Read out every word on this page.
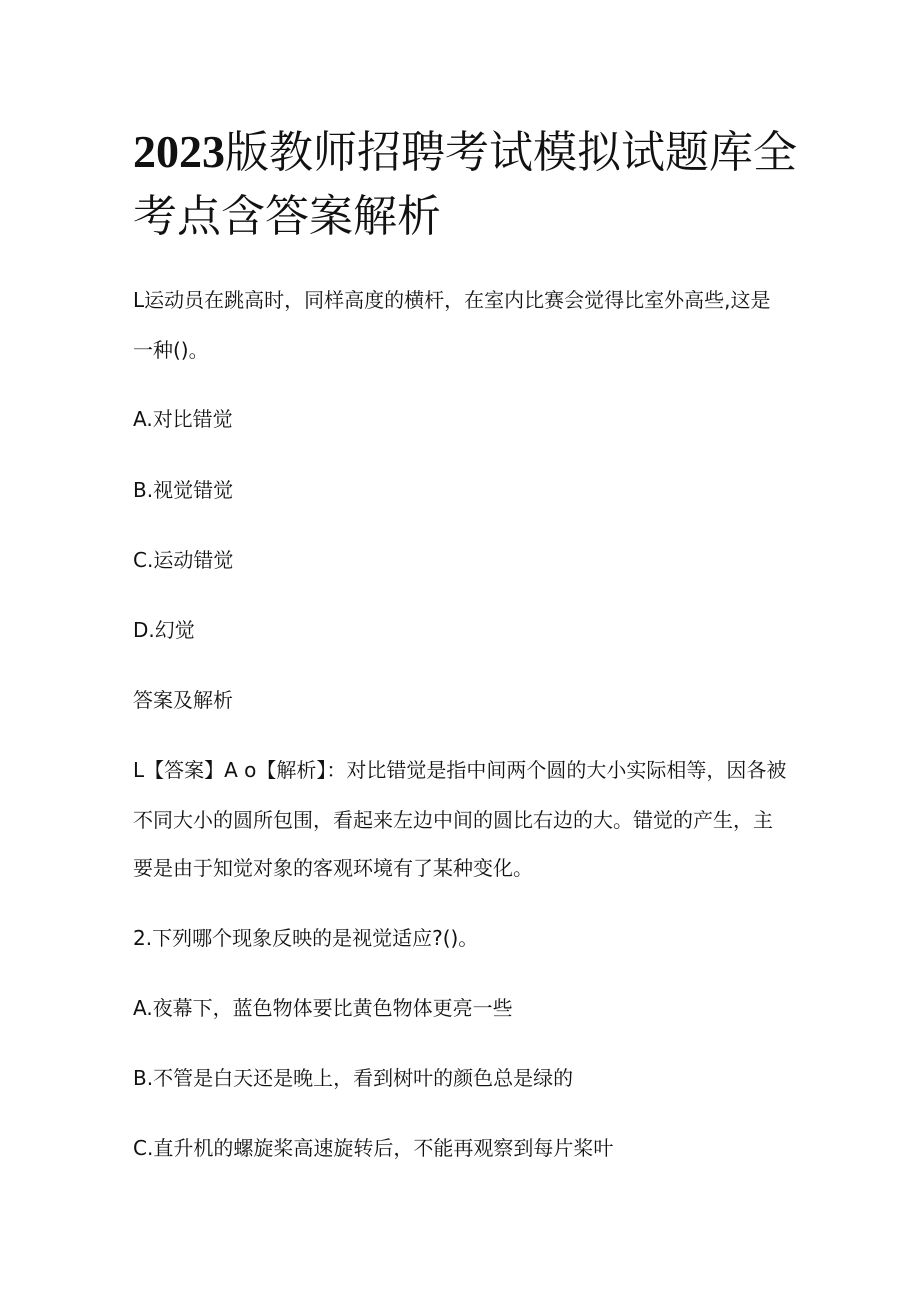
2023版教师招聘考试模拟试题库全
考点含答案解析

L运动员在跳高时，同样高度的横杆，在室内比赛会觉得比室外高些,这是

一种()。

A.对比错觉

B.视觉错觉

C.运动错觉

D.幻觉

答案及解析

L【答案】A o【解析】：对比错觉是指中间两个圆的大小实际相等，因各被

不同大小的圆所包围，看起来左边中间的圆比右边的大。错觉的产生，主

要是由于知觉对象的客观环境有了某种变化。

2.下列哪个现象反映的是视觉适应?()。

A.夜幕下，蓝色物体要比黄色物体更亮一些

B.不管是白天还是晚上，看到树叶的颜色总是绿的

C.直升机的螺旋桨高速旋转后，不能再观察到每片桨叶
